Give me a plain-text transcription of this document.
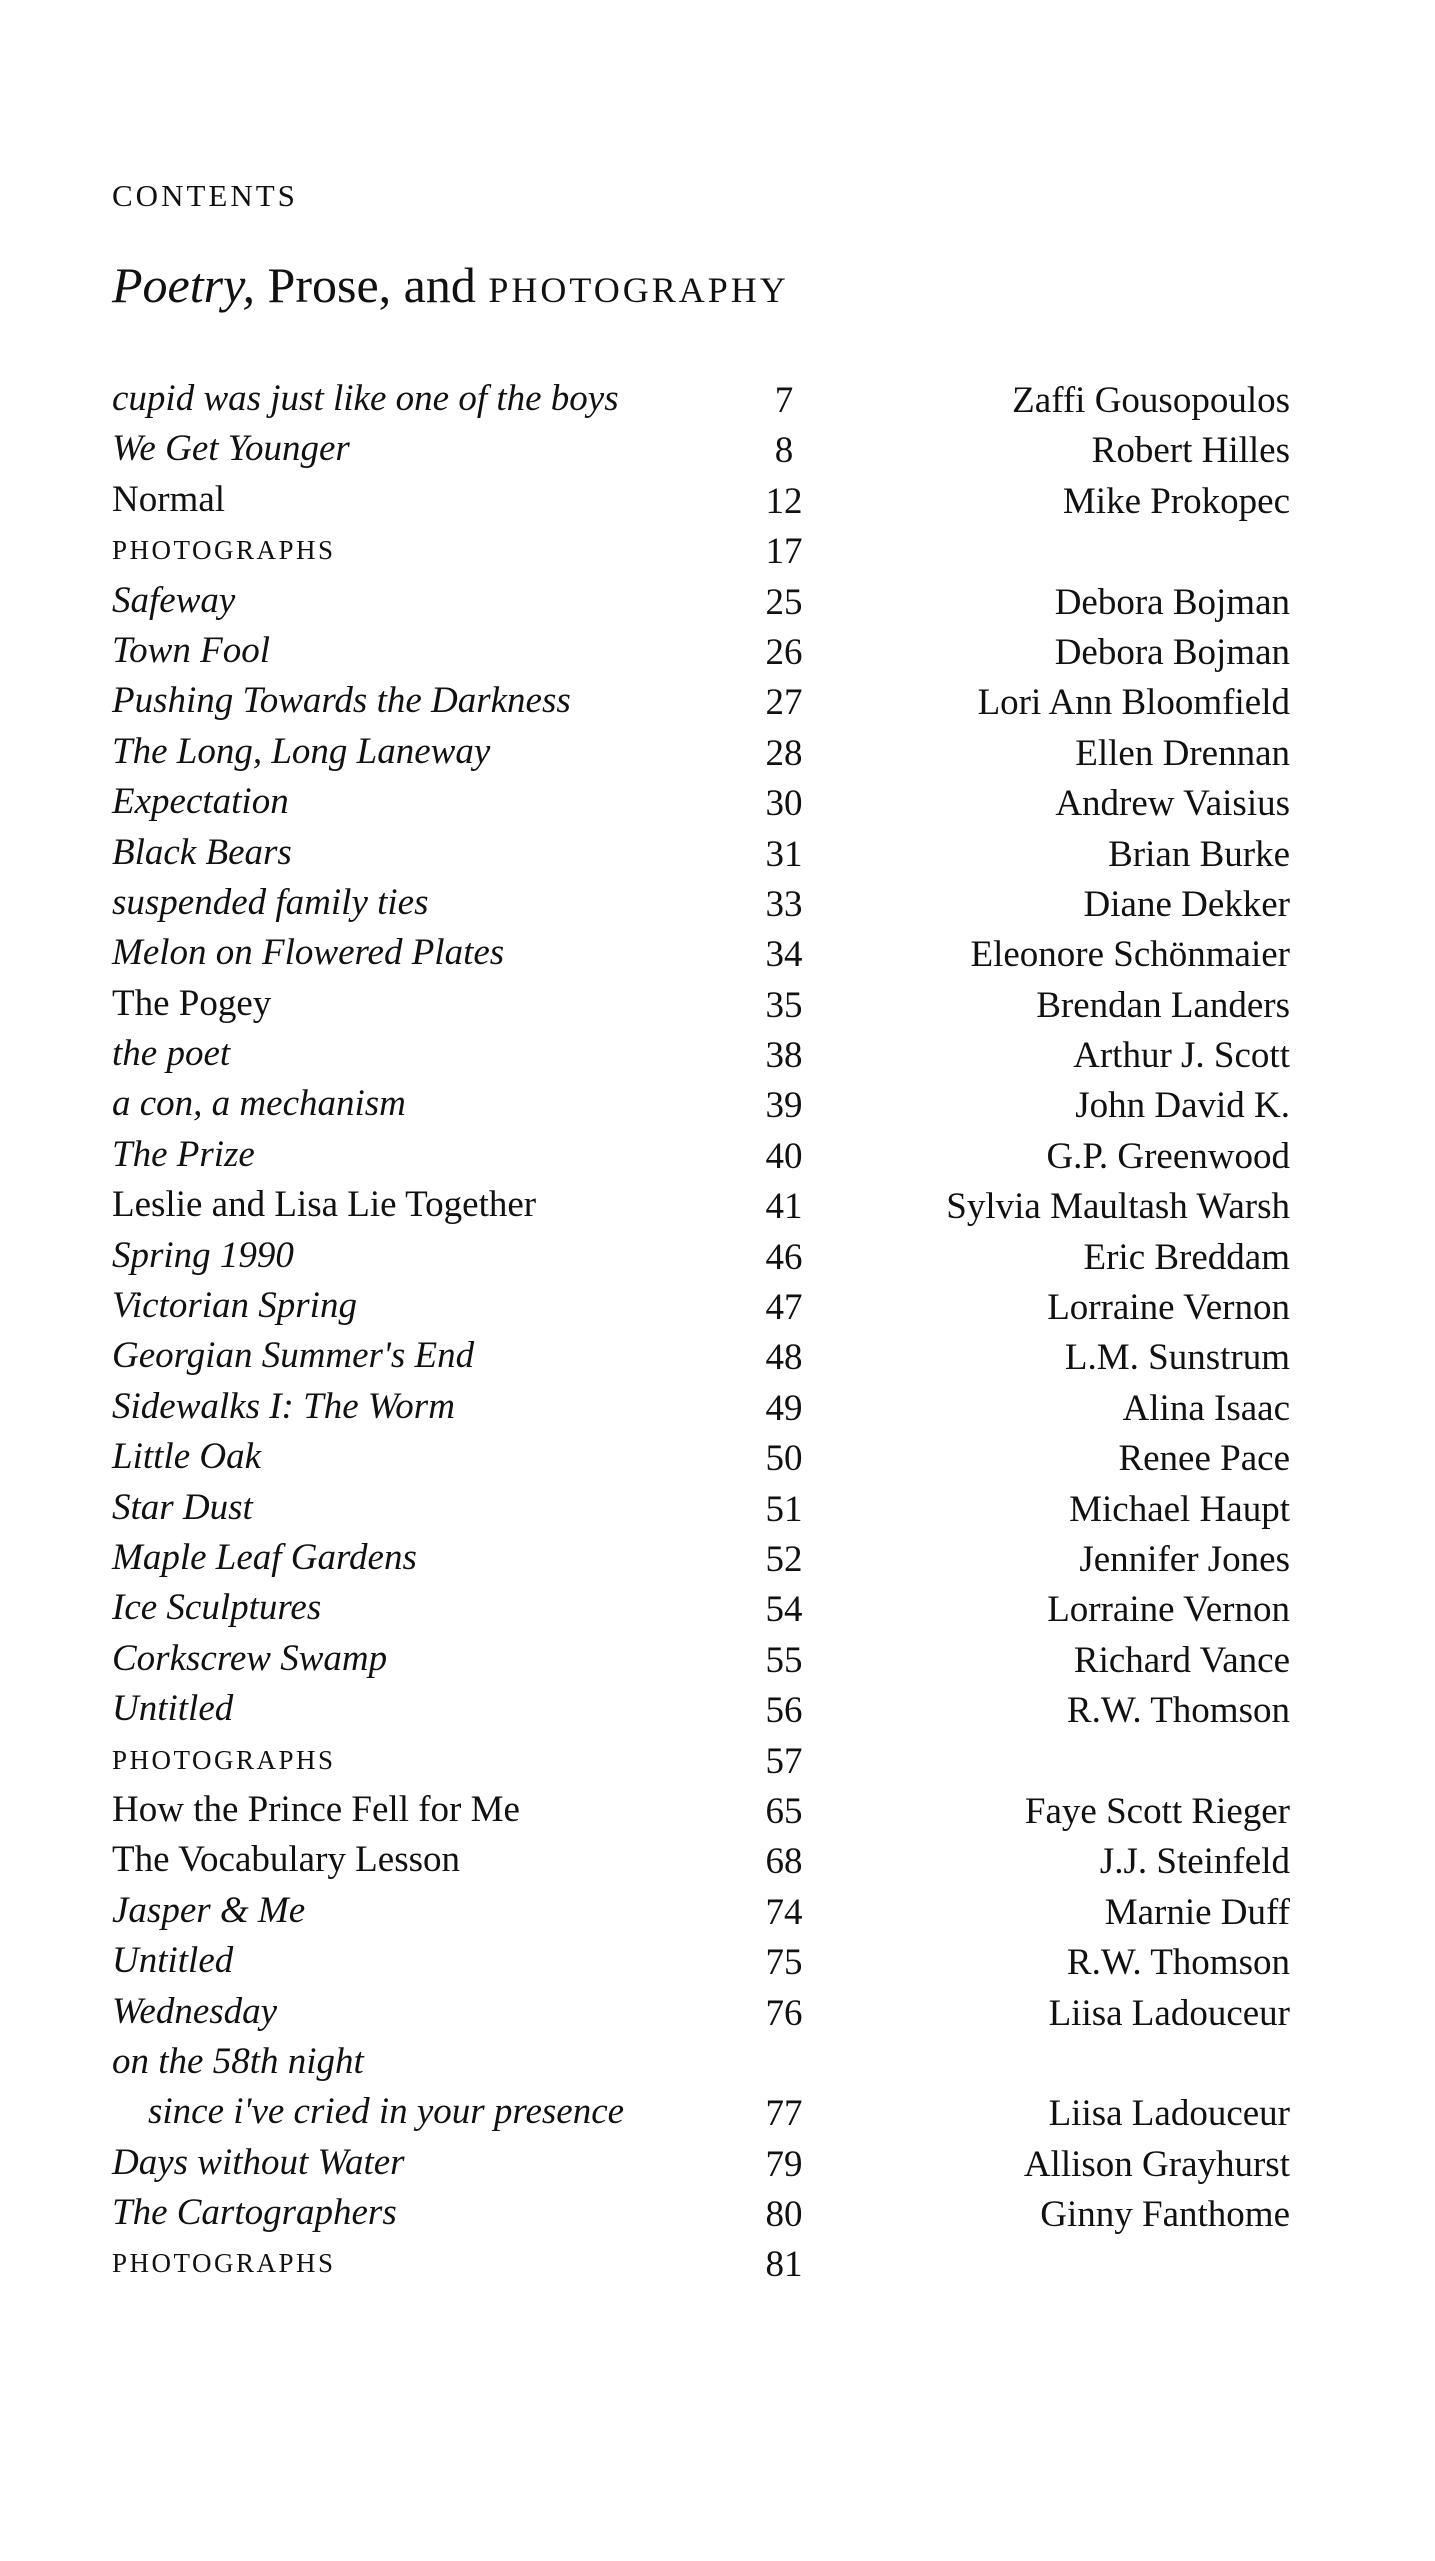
CONTENTS
Poetry, Prose, and PHOTOGRAPHY
cupid was just like one of the boys	7	Zaffi Gousopoulos
We Get Younger	8	Robert Hilles
Normal	12	Mike Prokopec
PHOTOGRAPHS	17
Safeway	25	Debora Bojman
Town Fool	26	Debora Bojman
Pushing Towards the Darkness	27	Lori Ann Bloomfield
The Long, Long Laneway	28	Ellen Drennan
Expectation	30	Andrew Vaisius
Black Bears	31	Brian Burke
suspended family ties	33	Diane Dekker
Melon on Flowered Plates	34	Eleonore Schönmaier
The Pogey	35	Brendan Landers
the poet	38	Arthur J. Scott
a con, a mechanism	39	John David K.
The Prize	40	G.P. Greenwood
Leslie and Lisa Lie Together	41	Sylvia Maultash Warsh
Spring 1990	46	Eric Breddam
Victorian Spring	47	Lorraine Vernon
Georgian Summer's End	48	L.M. Sunstrum
Sidewalks I: The Worm	49	Alina Isaac
Little Oak	50	Renee Pace
Star Dust	51	Michael Haupt
Maple Leaf Gardens	52	Jennifer Jones
Ice Sculptures	54	Lorraine Vernon
Corkscrew Swamp	55	Richard Vance
Untitled	56	R.W. Thomson
PHOTOGRAPHS	57
How the Prince Fell for Me	65	Faye Scott Rieger
The Vocabulary Lesson	68	J.J. Steinfeld
Jasper & Me	74	Marnie Duff
Untitled	75	R.W. Thomson
Wednesday	76	Liisa Ladouceur
on the 58th night
since i've cried in your presence	77	Liisa Ladouceur
Days without Water	79	Allison Grayhurst
The Cartographers	80	Ginny Fanthome
PHOTOGRAPHS	81
